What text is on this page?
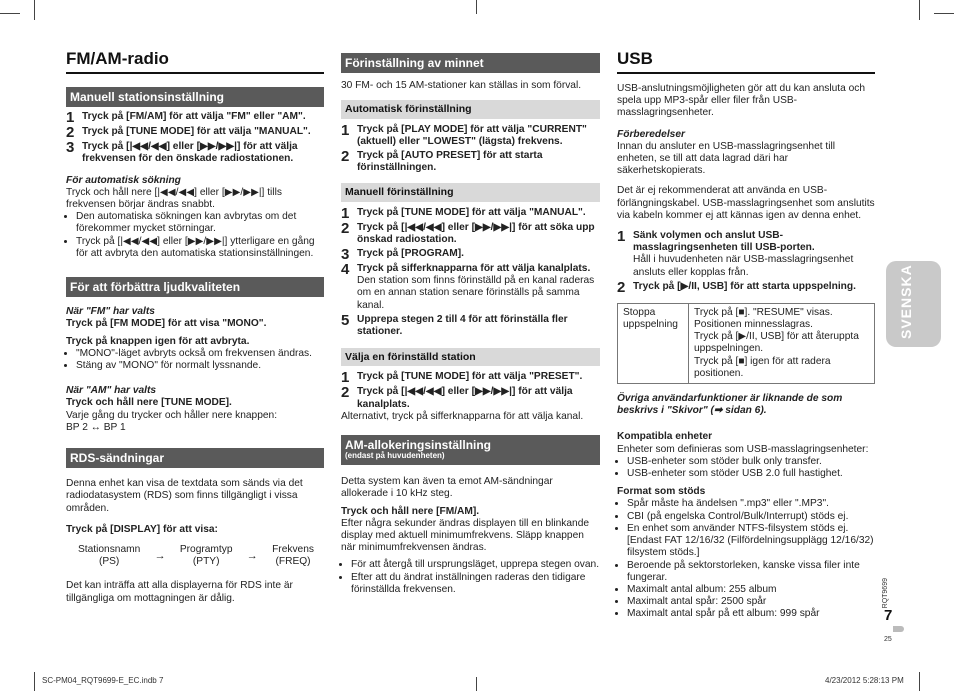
FM/AM-radio
Manuell stationsinställning
1 Tryck på [FM/AM] för att välja "FM" eller "AM".
2 Tryck på [TUNE MODE] för att välja "MANUAL".
3 Tryck på [|◀◀/◀◀] eller [▶▶/▶▶|] för att välja frekvensen för den önskade radiostationen.

För automatisk sökning

Tryck och håll nere [|◀◀/◀◀] eller [▶▶/▶▶|] tills frekvensen börjar ändras snabbt.

• Den automatiska sökningen kan avbrytas om det förekommer mycket störningar.
• Tryck på [|◀◀/◀◀] eller [▶▶/▶▶|] ytterligare en gång för att avbryta den automatiska stationsinställningen.
För att förbättra ljudkvaliteten

När "FM" har valts

Tryck på [FM MODE] för att visa "MONO".

Tryck på knappen igen för att avbryta.

• "MONO"-läget avbryts också om frekvensen ändras.
• Stäng av "MONO" för normalt lyssnande.

När "AM" har valts

Tryck och håll nere [TUNE MODE].

Varje gång du trycker och håller nere knappen:

BP 2 ↔ BP 1

RDS-sändningar

Denna enhet kan visa de textdata som sänds via det radiodatasystem (RDS) som finns tillgängligt i vissa områden.

Tryck på [DISPLAY] för att visa:

Stationsnamn
(PS)	→
Programtyp
(PTY)	→
Frekvens
(FREQ)

Det kan inträffa att alla displayerna för RDS inte är tillgängliga om mottagningen är dålig.

Förinställning av minnet

30 FM- och 15 AM-stationer kan ställas in som förval.

Automatisk förinställning
1 Tryck på [PLAY MODE] för att välja "CURRENT" (aktuell) eller "LOWEST" (lägsta) frekvens.
2 Tryck på [AUTO PRESET] för att starta förinställningen.
Manuell förinställning
1 Tryck på [TUNE MODE] för att välja "MANUAL".
2 Tryck på [|◀◀/◀◀] eller [▶▶/▶▶|] för att söka upp önskad radiostation.
3 Tryck på [PROGRAM].
4 Tryck på sifferknapparna för att välja kanalplats.
Den station som finns förinställd på en kanal raderas om en annan station senare förinställs på samma kanal.
5 Upprepa stegen 2 till 4 för att förinställa fler stationer.
Välja en förinställd station
1 Tryck på [TUNE MODE] för att välja "PRESET".
2 Tryck på [|◀◀/◀◀] eller [▶▶/▶▶|] för att välja kanalplats.

Alternativt, tryck på sifferknapparna för att välja kanal.

AM-allokeringsinställning
(endast på huvudenheten)

Detta system kan även ta emot AM-sändningar allokerade i 10 kHz steg.

Tryck och håll nere [FM/AM].

Efter några sekunder ändras displayen till en blinkande display med aktuell minimumfrekvens. Släpp knappen när minimumfrekvensen ändras.

• För att återgå till ursprungsläget, upprepa stegen ovan.
• Efter att du ändrat inställningen raderas den tidigare förinställda frekvensen.
USB

USB-anslutningsmöjligheten gör att du kan ansluta och spela upp MP3-spår eller filer från USB-masslagringsenheter.

Förberedelser

Innan du ansluter en USB-masslagringsenhet till enheten, se till att data lagrad däri har säkerhetskopierats.

Det är ej rekommenderat att använda en USB-förlängningskabel. USB-masslagringsenhet som anslutits via kabeln kommer ej att kännas igen av denna enhet.

1 Sänk volymen och anslut USB-masslagringsenheten till USB-porten.
Håll i huvudenheten när USB-masslagringsenhet ansluts eller kopplas från.
2 Tryck på [▶/II, USB] för att starta uppspelning.
Stoppa uppspelning	
Tryck på [■]. "RESUME" visas. Positionen minnesslagras.
Tryck på [▶/II, USB] för att återuppta uppspelningen.
Tryck på [■] igen för att radera positionen.

Övriga användarfunktioner är liknande de som beskrivs i "Skivor" (➡ sidan 6).

Kompatibla enheter

Enheter som definieras som USB-masslagringsenheter:

• USB-enheter som stöder bulk only transfer.
• USB-enheter som stöder USB 2.0 full hastighet.

Format som stöds

• Spår måste ha ändelsen ".mp3" eller ".MP3".
• CBI (på engelska Control/Bulk/Interrupt) stöds ej.
• En enhet som använder NTFS-filsystem stöds ej. [Endast FAT 12/16/32 (Filfördelningsupplägg 12/16/32) filsystem stöds.]
• Beroende på sektorstorleken, kanske vissa filer inte fungerar.
• Maximalt antal album: 255 album
• Maximalt antal spår: 2500 spår
• Maximalt antal spår på ett album: 999 spår
SVENSKA
RQT9699
7
25
SC-PM04_RQT9699-E_EC.indb 7	4/23/2012 5:28:13 PM
